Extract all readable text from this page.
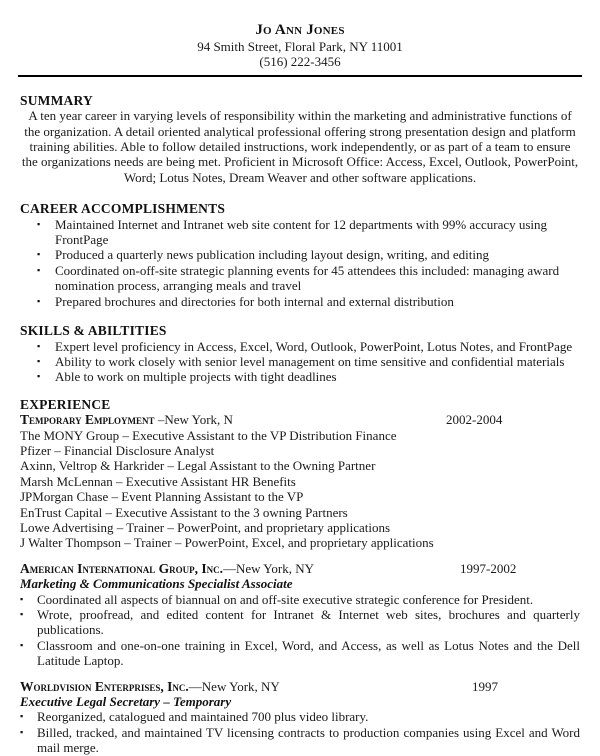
Jo Ann Jones
94 Smith Street, Floral Park, NY 11001
(516) 222-3456
SUMMARY

A ten year career in varying levels of responsibility within the marketing and administrative functions of the organization. A detail oriented analytical professional offering strong presentation design and platform training abilities. Able to follow detailed instructions, work independently, or as part of a team to ensure the organizations needs are being met. Proficient in Microsoft Office: Access, Excel, Outlook, PowerPoint, Word; Lotus Notes, Dream Weaver and other software applications.

CAREER ACCOMPLISHMENTS
▪ Maintained Internet and Intranet web site content for 12 departments with 99% accuracy using FrontPage
▪ Produced a quarterly news publication including layout design, writing, and editing
▪ Coordinated on-off-site strategic planning events for 45 attendees this included: managing award nomination process, arranging meals and travel
▪ Prepared brochures and directories for both internal and external distribution
SKILLS & ABILTITIES
▪ Expert level proficiency in Access, Excel, Word, Outlook, PowerPoint, Lotus Notes, and FrontPage
▪ Ability to work closely with senior level management on time sensitive and confidential materials
▪ Able to work on multiple projects with tight deadlines
EXPERIENCE
Temporary Employment –New York, N	2002-2004
The MONY Group – Executive Assistant to the VP Distribution Finance
Pfizer – Financial Disclosure Analyst
Axinn, Veltrop & Harkrider – Legal Assistant to the Owning Partner
Marsh McLennan – Executive Assistant HR Benefits
JPMorgan Chase – Event Planning Assistant to the VP
EnTrust Capital – Executive Assistant to the 3 owning Partners
Lowe Advertising – Trainer – PowerPoint, and proprietary applications
J Walter Thompson – Trainer – PowerPoint, Excel, and proprietary applications
American International Group, Inc.—New York, NY	1997-2002
Marketing & Communications Specialist Associate
▪ Coordinated all aspects of biannual on and off-site executive strategic conference for President.
▪ Wrote, proofread, and edited content for Intranet & Internet web sites, brochures and quarterly publications.
▪ Classroom and one-on-one training in Excel, Word, and Access, as well as Lotus Notes and the Dell Latitude Laptop.
Worldvision Enterprises, Inc.—New York, NY	1997
Executive Legal Secretary – Temporary
▪ Reorganized, catalogued and maintained 700 plus video library.
▪ Billed, tracked, and maintained TV licensing contracts to production companies using Excel and Word mail merge.
